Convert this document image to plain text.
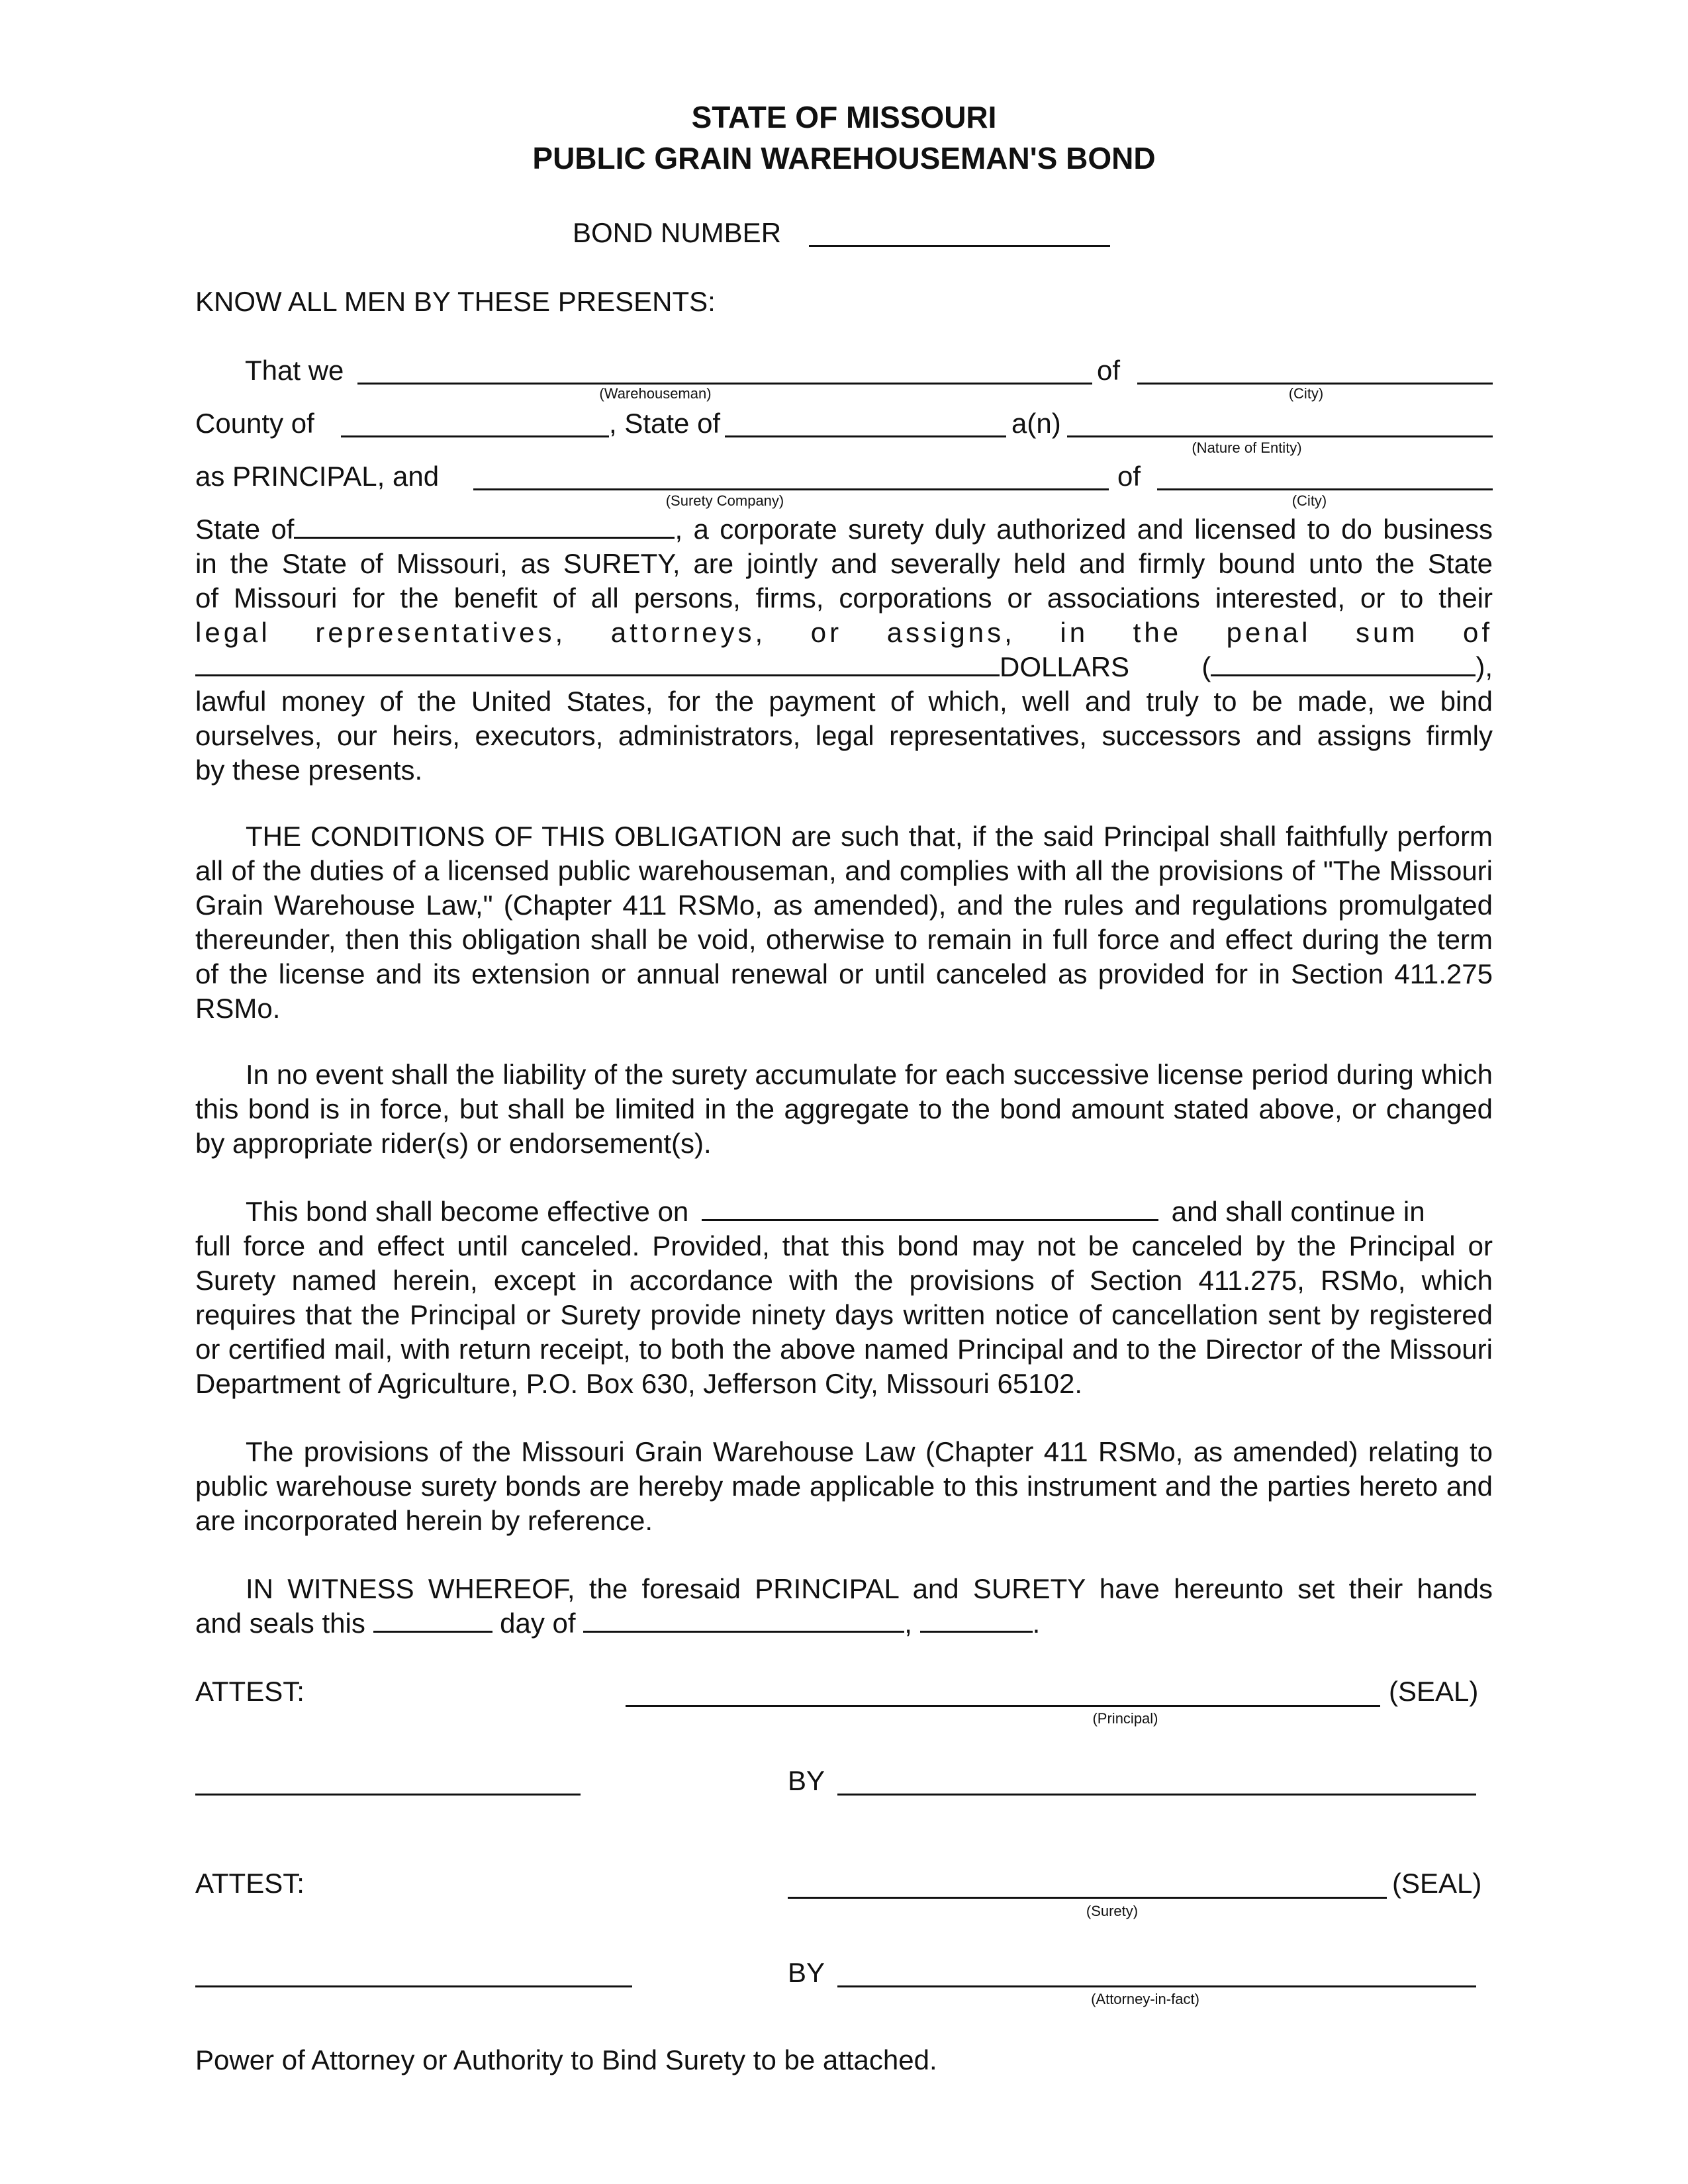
STATE OF MISSOURI
PUBLIC GRAIN WAREHOUSEMAN'S BOND
BOND NUMBER
KNOW ALL MEN BY THESE PRESENTS:
That we
(Warehouseman)
of
(City)
County of	, State of	a(n)
(Nature of Entity)
as PRINCIPAL, and
(Surety Company)
of
(City)
State of	, a corporate surety duly authorized and licensed to do business
in the State of Missouri, as SURETY, are jointly and severally held and firmly bound unto the State
of Missouri for the benefit of all persons, firms, corporations or associations interested, or to their
legal representatives, attorneys, or assigns, in the penal sum of
DOLLARS (	),
lawful money of the United States, for the payment of which, well and truly to be made, we bind
ourselves, our heirs, executors, administrators, legal representatives, successors and assigns firmly
by these presents.
THE CONDITIONS OF THIS OBLIGATION are such that, if the said Principal shall faithfully perform all of the duties of a licensed public warehouseman, and complies with all the provisions of "The Missouri Grain Warehouse Law," (Chapter 411 RSMo, as amended), and the rules and regulations promulgated thereunder, then this obligation shall be void, otherwise to remain in full force and effect during the term of the license and its extension or annual renewal or until canceled as provided for in Section 411.275 RSMo.
In no event shall the liability of the surety accumulate for each successive license period during which this bond is in force, but shall be limited in the aggregate to the bond amount stated above, or changed by appropriate rider(s) or endorsement(s).
This bond shall become effective on	and shall continue in
full force and effect until canceled. Provided, that this bond may not be canceled by the Principal or Surety named herein, except in accordance with the provisions of Section 411.275, RSMo, which requires that the Principal or Surety provide ninety days written notice of cancellation sent by registered or certified mail, with return receipt, to both the above named Principal and to the Director of the Missouri Department of Agriculture, P.O. Box 630, Jefferson City, Missouri 65102.
The provisions of the Missouri Grain Warehouse Law (Chapter 411 RSMo, as amended) relating to public warehouse surety bonds are hereby made applicable to this instrument and the parties hereto and are incorporated herein by reference.
IN WITNESS WHEREOF, the foresaid PRINCIPAL and SURETY have hereunto set their hands
and seals this	day of	,	.
ATTEST:	(SEAL)
(Principal)
BY
ATTEST:	(SEAL)
(Surety)
BY
(Attorney-in-fact)
Power of Attorney or Authority to Bind Surety to be attached.
